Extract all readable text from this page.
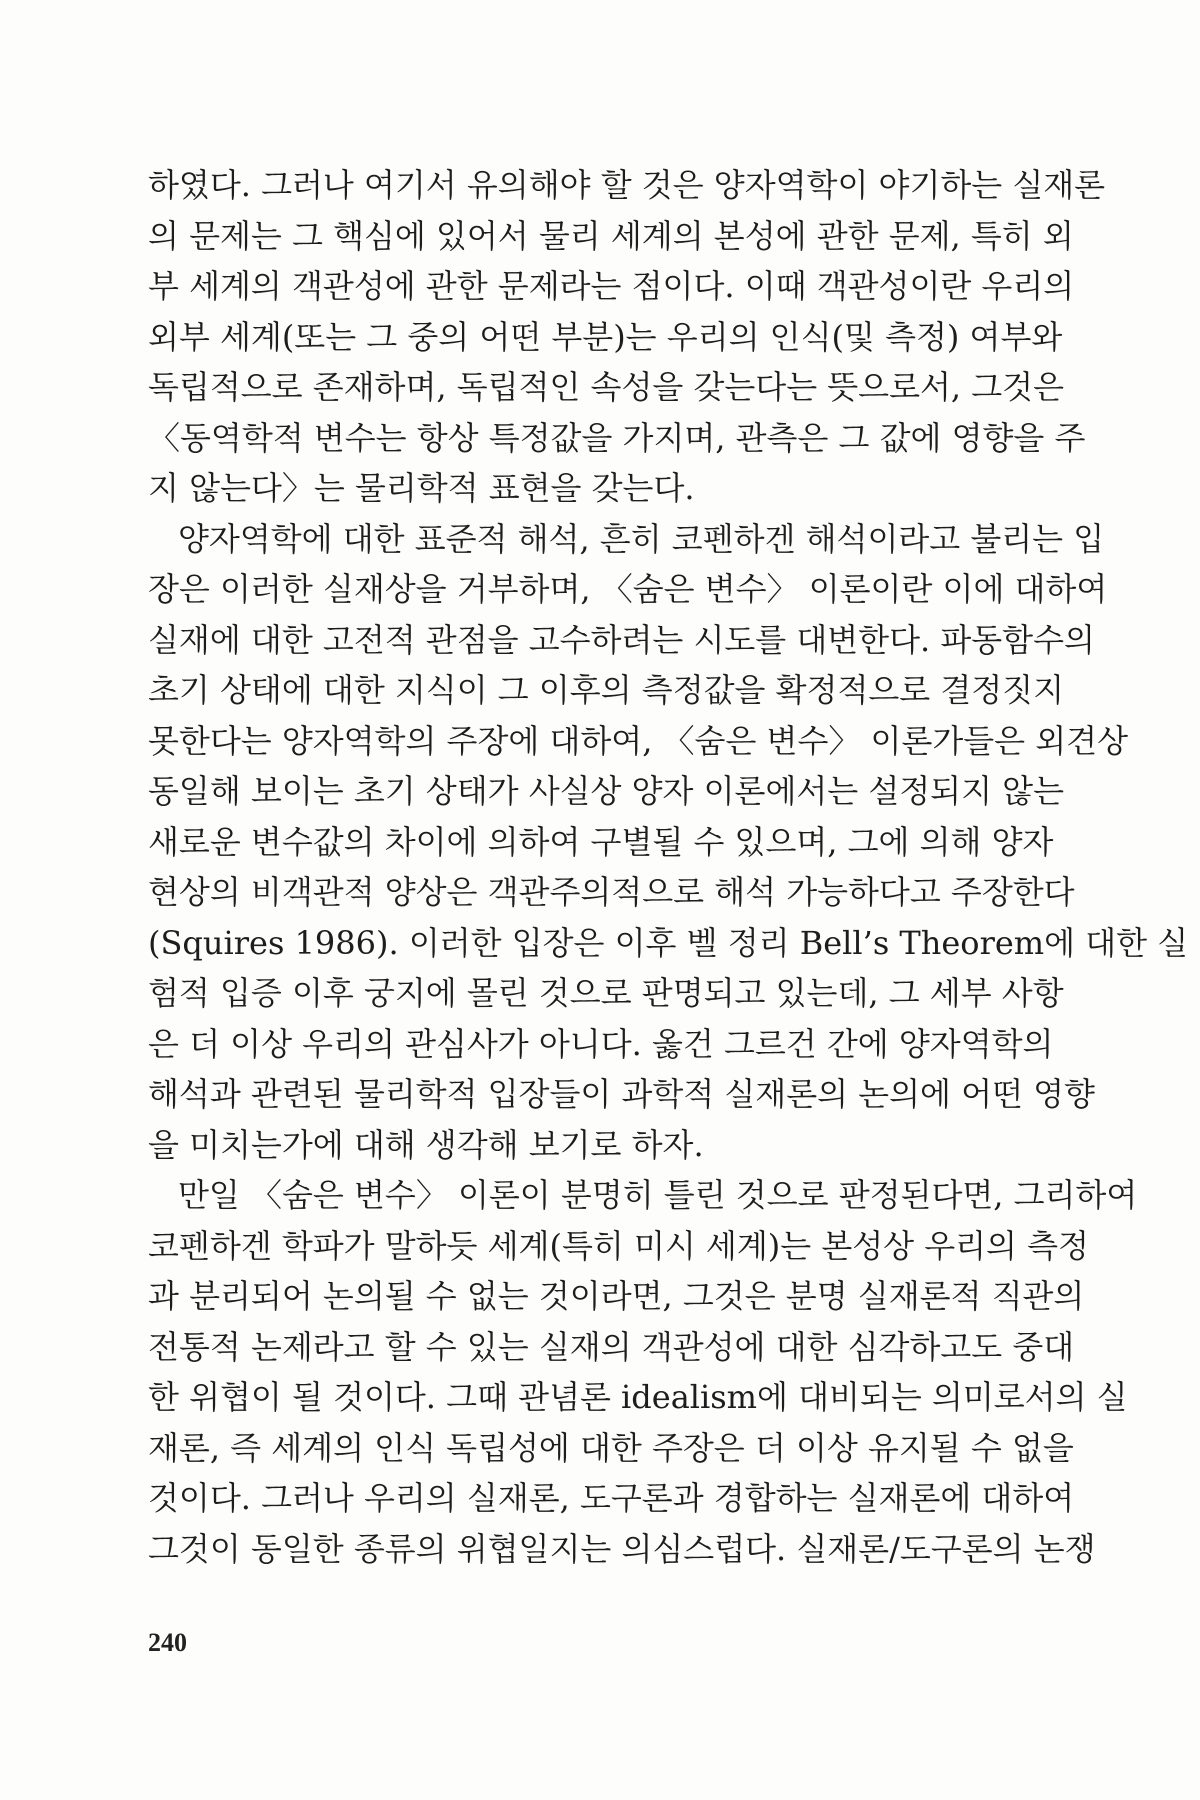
하였다. 그러나 여기서 유의해야 할 것은 양자역학이 야기하는 실재론
의 문제는 그 핵심에 있어서 물리 세계의 본성에 관한 문제, 특히 외
부 세계의 객관성에 관한 문제라는 점이다. 이때 객관성이란 우리의
외부 세계(또는 그 중의 어떤 부분)는 우리의 인식(및 측정) 여부와
독립적으로 존재하며, 독립적인 속성을 갖는다는 뜻으로서, 그것은
〈동역학적 변수는 항상 특정값을 가지며, 관측은 그 값에 영향을 주
지 않는다〉는 물리학적 표현을 갖는다.
양자역학에 대한 표준적 해석, 흔히 코펜하겐 해석이라고 불리는 입
장은 이러한 실재상을 거부하며, 〈숨은 변수〉 이론이란 이에 대하여
실재에 대한 고전적 관점을 고수하려는 시도를 대변한다. 파동함수의
초기 상태에 대한 지식이 그 이후의 측정값을 확정적으로 결정짓지
못한다는 양자역학의 주장에 대하여, 〈숨은 변수〉 이론가들은 외견상
동일해 보이는 초기 상태가 사실상 양자 이론에서는 설정되지 않는
새로운 변수값의 차이에 의하여 구별될 수 있으며, 그에 의해 양자
현상의 비객관적 양상은 객관주의적으로 해석 가능하다고 주장한다
(Squires 1986). 이러한 입장은 이후 벨 정리 Bell’s Theorem에 대한 실
험적 입증 이후 궁지에 몰린 것으로 판명되고 있는데, 그 세부 사항
은 더 이상 우리의 관심사가 아니다. 옳건 그르건 간에 양자역학의
해석과 관련된 물리학적 입장들이 과학적 실재론의 논의에 어떤 영향
을 미치는가에 대해 생각해 보기로 하자.
만일 〈숨은 변수〉 이론이 분명히 틀린 것으로 판정된다면, 그리하여
코펜하겐 학파가 말하듯 세계(특히 미시 세계)는 본성상 우리의 측정
과 분리되어 논의될 수 없는 것이라면, 그것은 분명 실재론적 직관의
전통적 논제라고 할 수 있는 실재의 객관성에 대한 심각하고도 중대
한 위협이 될 것이다. 그때 관념론 idealism에 대비되는 의미로서의 실
재론, 즉 세계의 인식 독립성에 대한 주장은 더 이상 유지될 수 없을
것이다. 그러나 우리의 실재론, 도구론과 경합하는 실재론에 대하여
그것이 동일한 종류의 위협일지는 의심스럽다. 실재론/도구론의 논쟁
240
